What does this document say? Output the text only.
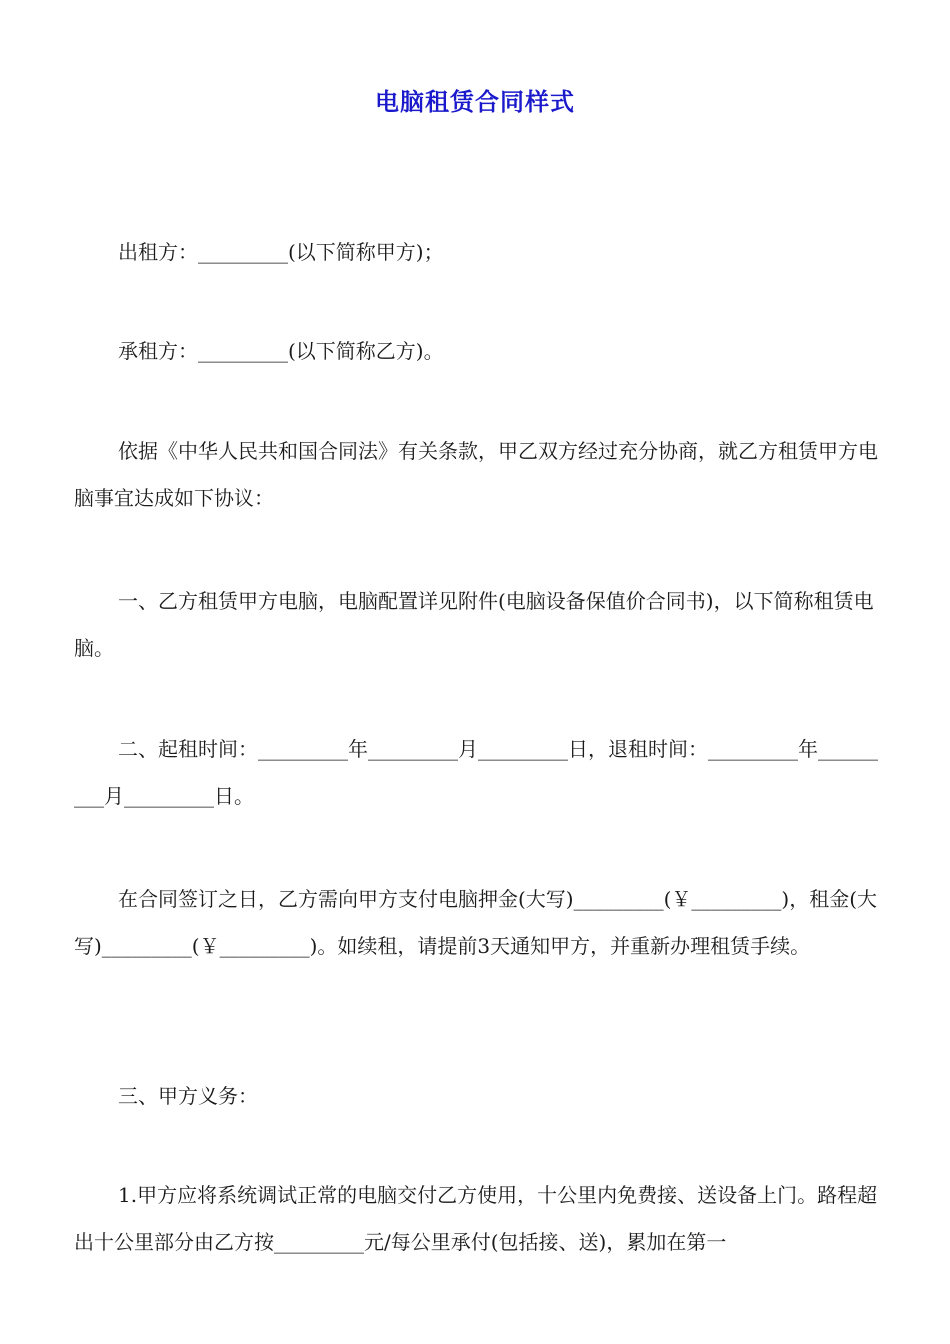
电脑租赁合同样式
出租方：_________(以下简称甲方)；
承租方：_________(以下简称乙方)。
依据《中华人民共和国合同法》有关条款，甲乙双方经过充分协商，就乙方租赁甲方电脑事宜达成如下协议：
一、乙方租赁甲方电脑，电脑配置详见附件(电脑设备保值价合同书)，以下简称租赁电脑。
二、起租时间：_________年_________月_________日，退租时间：_________年_________月_________日。
在合同签订之日，乙方需向甲方支付电脑押金(大写)_________(￥_________)，租金(大写)_________(￥_________)。如续租，请提前3天通知甲方，并重新办理租赁手续。
三、甲方义务：
1.甲方应将系统调试正常的电脑交付乙方使用，十公里内免费接、送设备上门。路程超出十公里部分由乙方按_________元/每公里承付(包括接、送)，累加在第一
